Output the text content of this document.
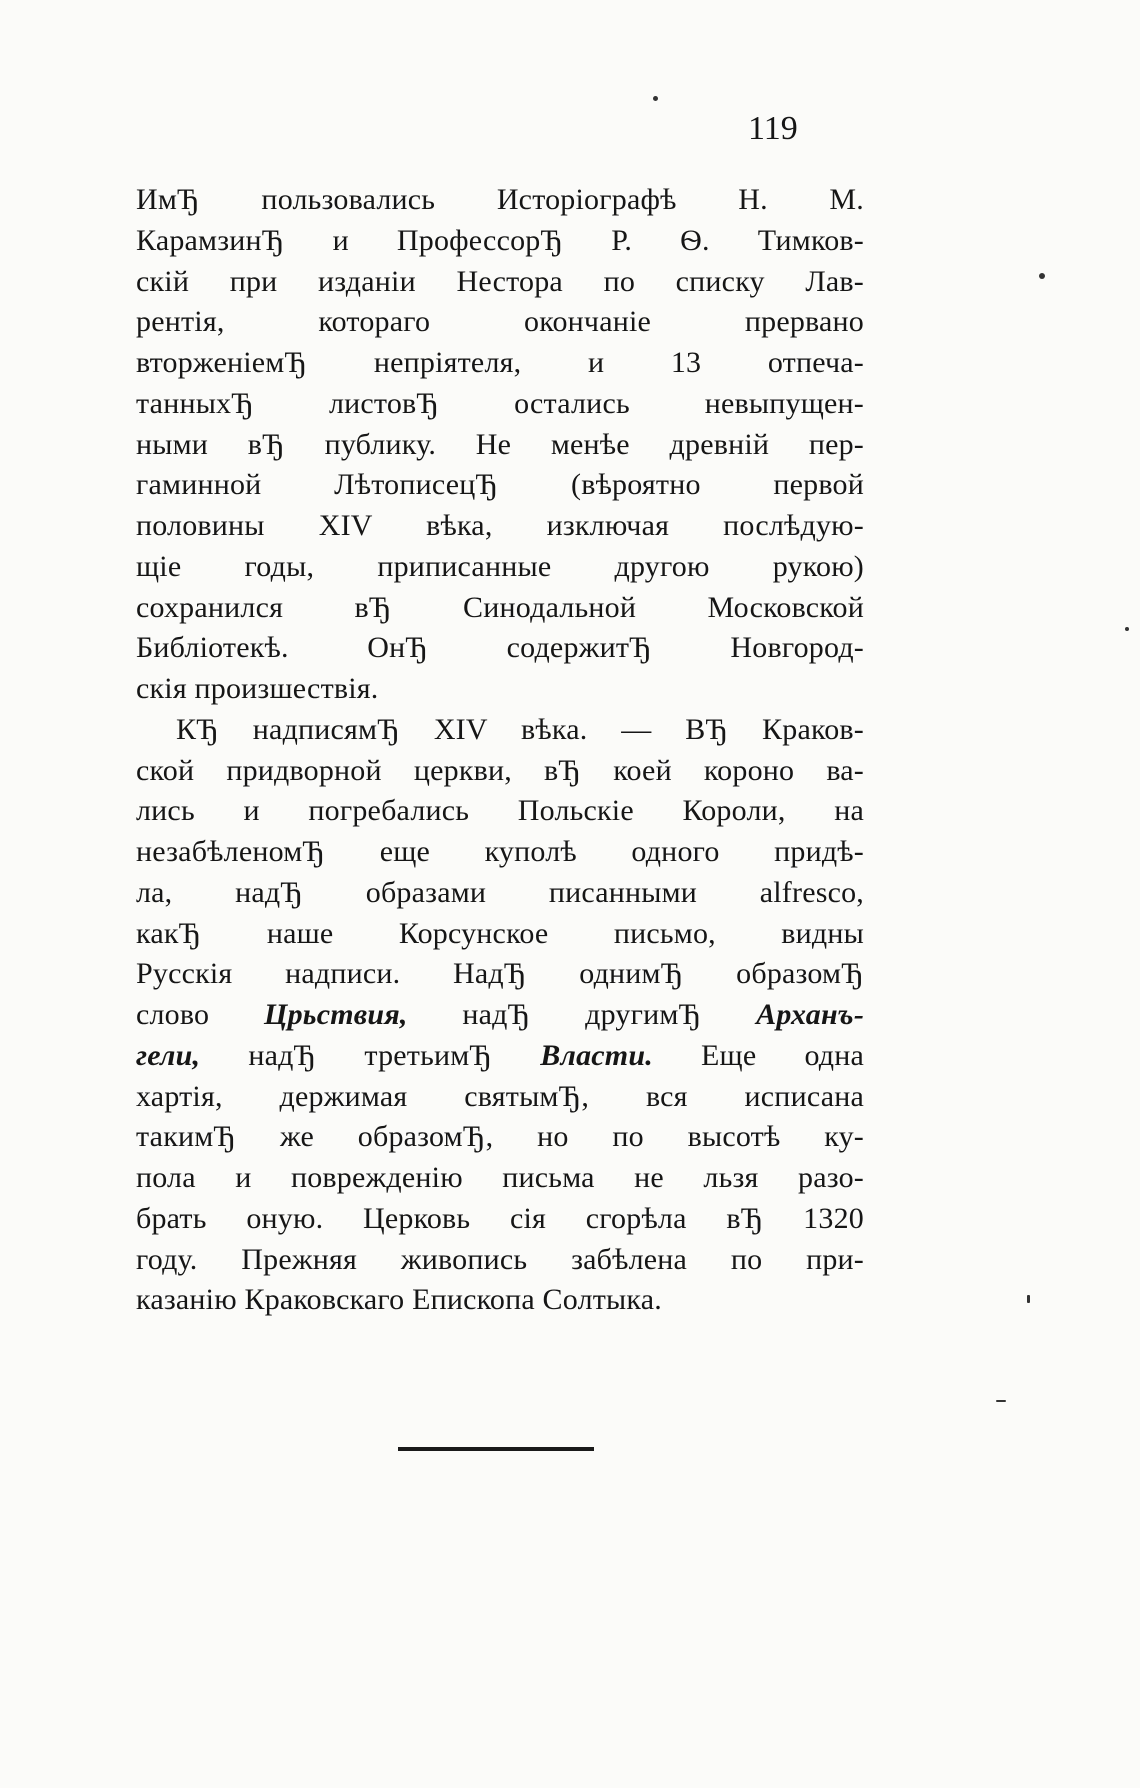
119
ИмЂ пользовались Исторіографѣ Н. М.
КарамзинЂ и ПрофессорЂ Р. Ѳ. Тимков-
скій при изданіи Нестора по списку Лав-
рентія, котораго окончаніе прервано
вторженіемЂ непріятеля, и 13 отпеча-
танныхЂ листовЂ остались невыпущен-
ными вЂ публику. Не менѣе древній пер-
гаминной ЛѣтописецЂ (вѣроятно первой
половины XIV вѣка, изключая послѣдую-
щіе годы, приписанные другою рукою)
сохранился вЂ Синодальной Московской
Библіотекѣ. ОнЂ содержитЂ Новгород-
скія произшествія.
КЂ надписямЂ XIV вѣка. — ВЂ Краков-
ской придворной церкви, вЂ коей короно ва-
лись и погребались Польскіе Короли, на
незабѣленомЂ еще куполѣ одного придѣ-
ла, надЂ образами писанными alfresco,
какЂ наше Корсунское письмо, видны
Русскія надписи. НадЂ однимЂ образомЂ
слово Црьствия, надЂ другимЂ Арханъ-
гели, надЂ третьимЂ Власти. Еще одна
хартія, держимая святымЂ, вся исписана
такимЂ же образомЂ, но по высотѣ ку-
пола и поврежденію письма не льзя разо-
брать оную. Церковь сія сгорѣла вЂ 1320
году. Прежняя живопись забѣлена по при-
казанію Краковскаго Епископа Солтыка.
